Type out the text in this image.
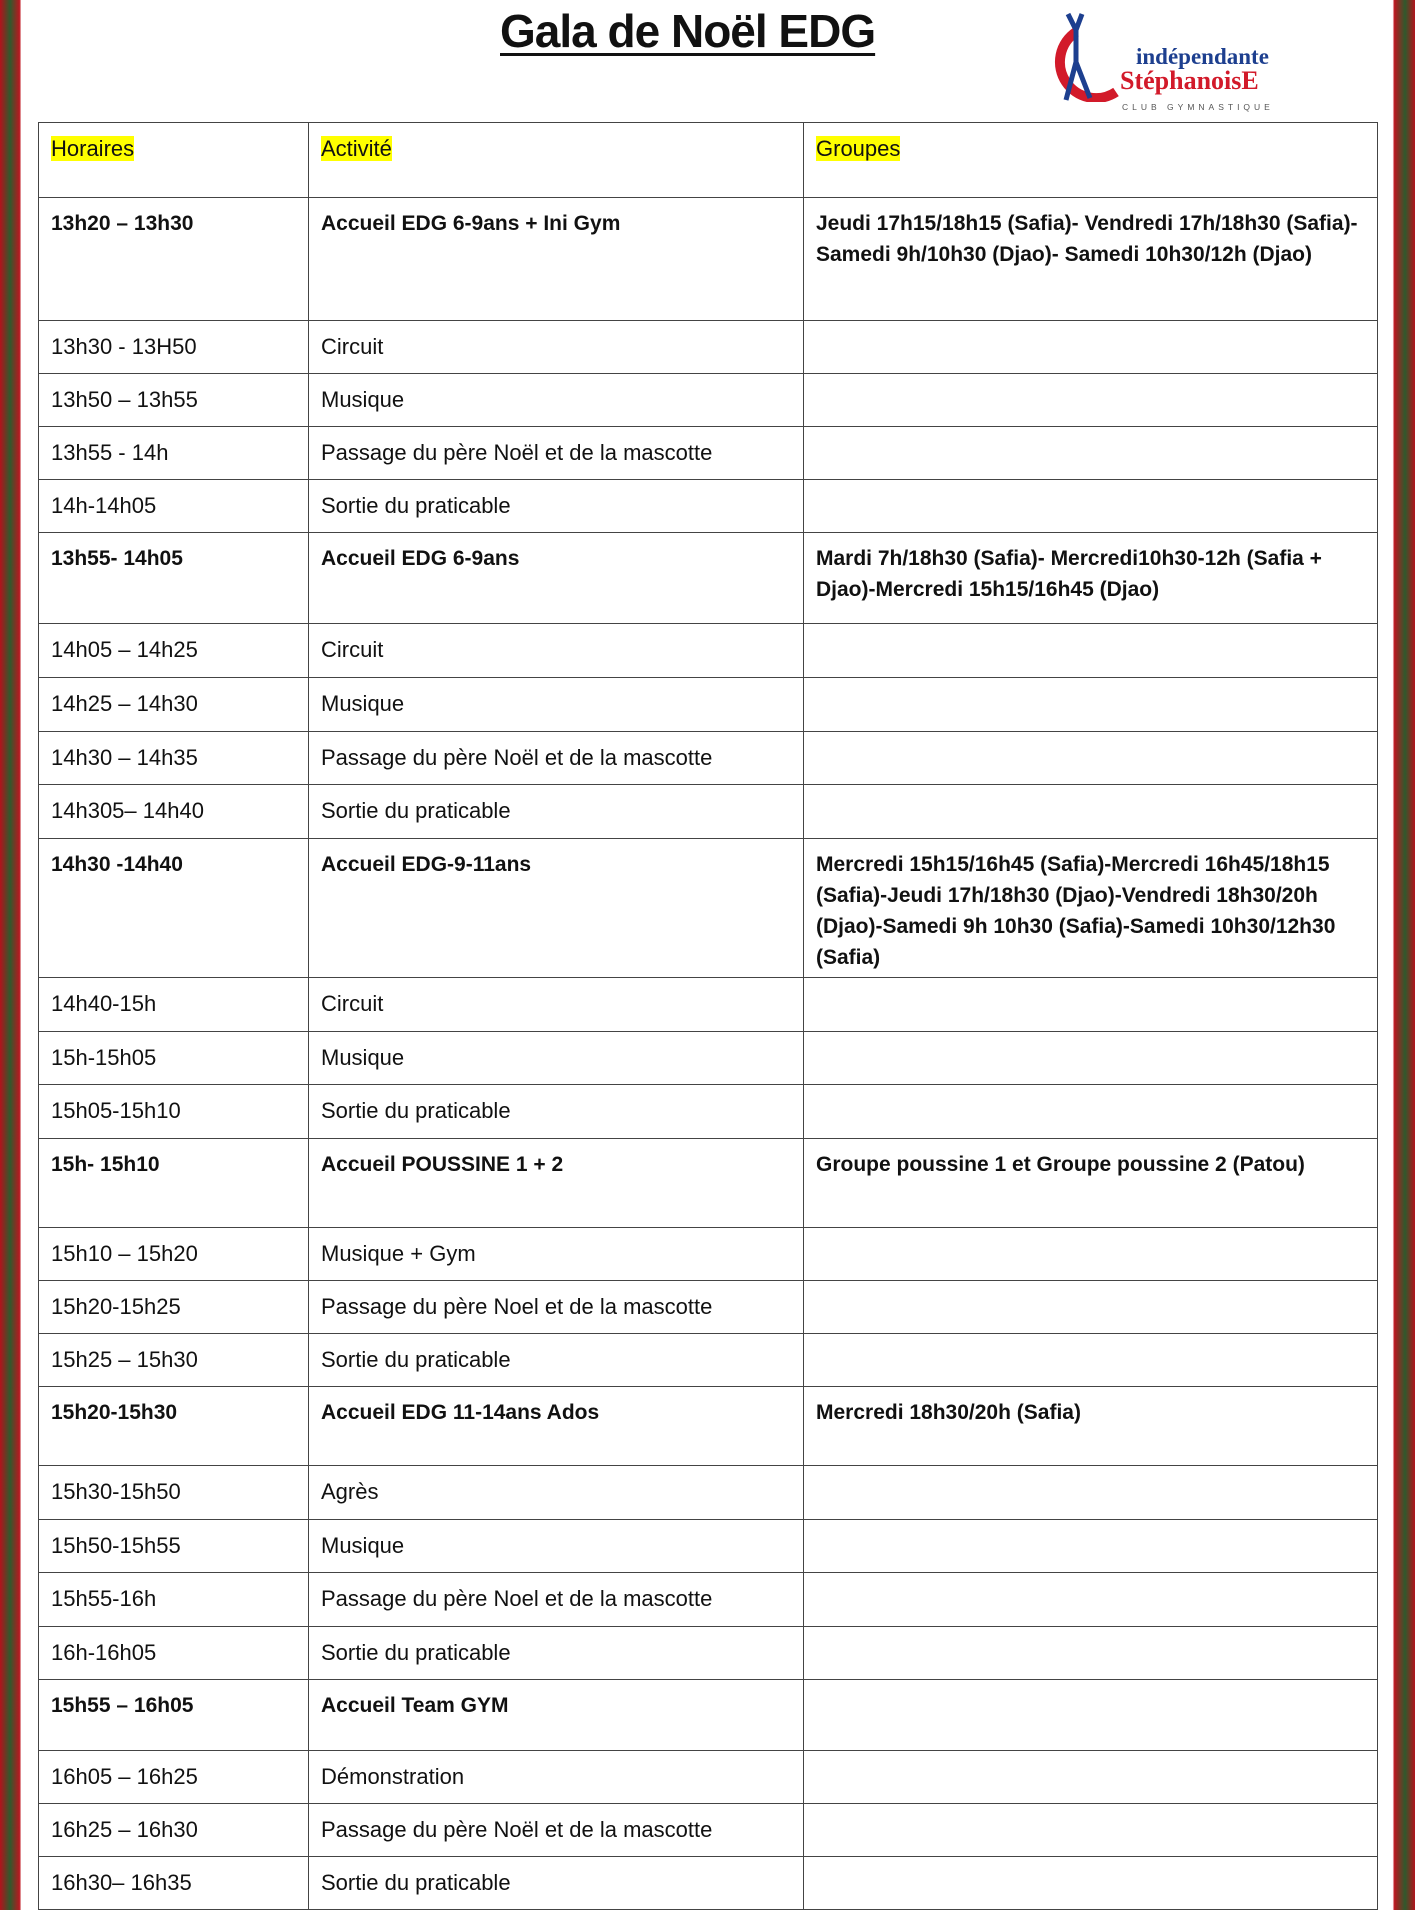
Gala de Noël EDG	indépendante
StéphanoisE
CLUB GYMNASTIQUE
Horaires	Activité	Groupes
13h20 – 13h30	Accueil EDG 6-9ans + Ini Gym	Jeudi 17h15/18h15 (Safia)- Vendredi 17h/18h30 (Safia)- Samedi 9h/10h30 (Djao)- Samedi 10h30/12h (Djao)
13h30 - 13H50	Circuit	
13h50 – 13h55	Musique	
13h55 - 14h	Passage du père Noël et de la mascotte	
14h-14h05	Sortie du praticable	
13h55- 14h05	Accueil EDG 6-9ans	Mardi 7h/18h30 (Safia)- Mercredi10h30-12h (Safia + Djao)-Mercredi 15h15/16h45 (Djao)
14h05 – 14h25	Circuit	
14h25 – 14h30	Musique	
14h30 – 14h35	Passage du père Noël et de la mascotte	
14h305– 14h40	Sortie du praticable	
14h30 -14h40	Accueil EDG-9-11ans	Mercredi 15h15/16h45 (Safia)-Mercredi 16h45/18h15 (Safia)-Jeudi 17h/18h30 (Djao)-Vendredi 18h30/20h (Djao)-Samedi 9h 10h30 (Safia)-Samedi 10h30/12h30 (Safia)
14h40-15h	Circuit	
15h-15h05	Musique	
15h05-15h10	Sortie du praticable	
15h- 15h10	Accueil POUSSINE 1 + 2	Groupe poussine 1 et Groupe poussine 2 (Patou)
15h10 – 15h20	Musique + Gym	
15h20-15h25	Passage du père Noel et de la mascotte	
15h25 – 15h30	Sortie du praticable	
15h20-15h30	Accueil EDG 11-14ans Ados	Mercredi 18h30/20h (Safia)
15h30-15h50	Agrès	
15h50-15h55	Musique	
15h55-16h	Passage du père Noel et de la mascotte	
16h-16h05	Sortie du praticable	
15h55 – 16h05	Accueil Team GYM	
16h05 – 16h25	Démonstration	
16h25 – 16h30	Passage du père Noël et de la mascotte	
16h30– 16h35	Sortie du praticable	
